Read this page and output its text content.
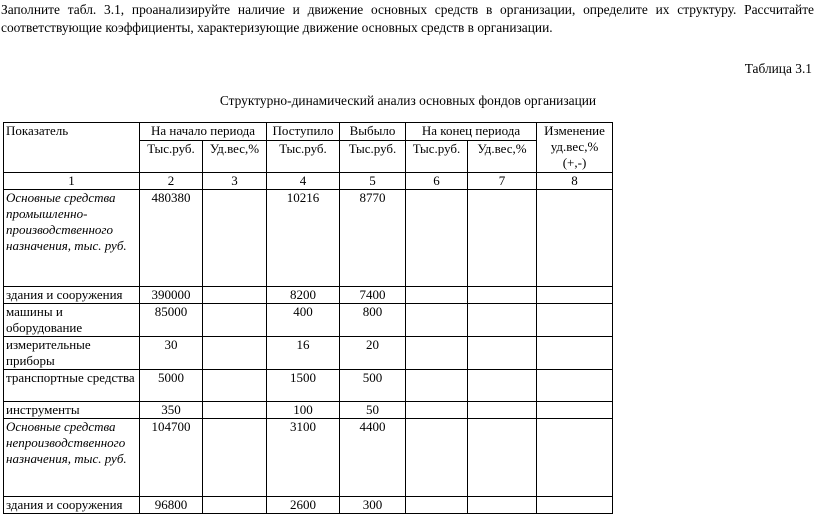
Заполните табл. 3.1, проанализируйте наличие и движение основных средств в организации, определите их структуру. Рассчитайте соответствующие коэффициенты, характеризующие движение основных средств в организации.
Таблица 3.1
Структурно-динамический анализ основных фондов организации
Показатель	На начало периода		Поступило	Выбыло	На конец периода		Изменение уд.вес,% (+,-)
	Тыс.руб.	Уд.вес,%	Тыс.руб.	Тыс.руб.	Тыс.руб.	Уд.вес,%	
1	2	3	4	5	6	7	8
Основные средства промышленно-производственного назначения, тыс. руб.	480380		10216	8770			
здания и сооружения	390000		8200	7400			
машины и оборудование	85000		400	800			
измерительные приборы	30		16	20			
транспортные средства	5000		1500	500			
инструменты	350		100	50			
Основные средства непроизводственного назначения, тыс. руб.	104700		3100	4400			
здания и сооружения	96800		2600	300			
